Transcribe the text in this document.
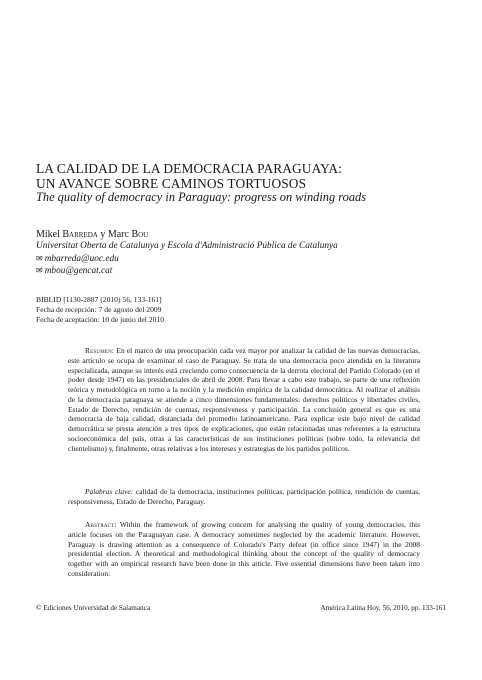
LA CALIDAD DE LA DEMOCRACIA PARAGUAYA:
UN AVANCE SOBRE CAMINOS TORTUOSOS

The quality of democracy in Paraguay: progress on winding roads

Mikel Barreda y Marc Bou
Universitat Oberta de Catalunya y Escola d'Administració Pública de Catalunya
✉ mbarreda@uoc.edu
✉ mbou@gencat.cat
BIBLID [1130-2887 (2010) 56, 133-161]
Fecha de recepción: 7 de agosto del 2009
Fecha de aceptación: 10 de junio del 2010

Resumen: En el marco de una preocupación cada vez mayor por analizar la calidad de las nuevas democracias, este artículo se ocupa de examinar el caso de Paraguay. Se trata de una democracia poco atendida en la literatura especializada, aunque su interés está creciendo como consecuencia de la derrota electoral del Partido Colorado (en el poder desde 1947) en las presidenciales de abril de 2008. Para llevar a cabo este trabajo, se parte de una reflexión teórica y metodológica en torno a la noción y la medición empírica de la calidad democrática. Al realizar el análisis de la democracia paraguaya se atiende a cinco dimensiones fundamentales: derechos políticos y libertades civiles, Estado de Derecho, rendición de cuentas, responsiveness y participación. La conclusión general es que es una democracia de baja calidad, distanciada del promedio latinoamericano. Para explicar este bajo nivel de calidad democrática se presta atención a tres tipos de explicaciones, que están relacionadas unas referentes a la estructura socioeconómica del país, otras a las características de sus instituciones políticas (sobre todo, la relevancia del clientelismo) y, finalmente, otras relativas a los intereses y estrategias de los partidos políticos.

Palabras clave: calidad de la democracia, instituciones políticas, participación política, rendición de cuentas, responsiveness, Estado de Derecho, Paraguay.

Abstract: Within the framework of growing concern for analysing the quality of young democracies, this article focuses on the Paraguayan case. A democracy sometimes neglected by the academic literature. However, Paraguay is drawing attention as a consequence of Colorado's Party defeat (in office since 1947) in the 2008 presidential election. A theoretical and methodological thinking about the concept of the quality of democracy together with an empirical research have been done in this article. Five essential dimensions have been taken into consideration:

© Ediciones Universidad de Salamanca	América Latina Hoy, 56, 2010, pp. 133-161
